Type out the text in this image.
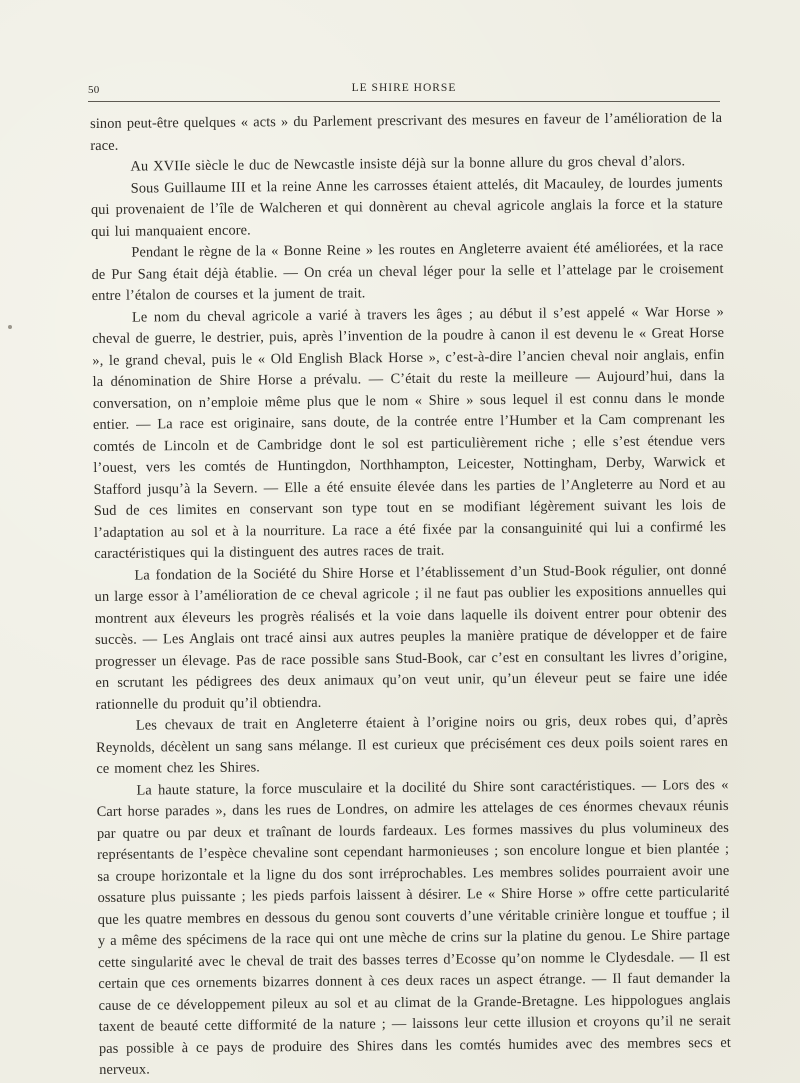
50	LE SHIRE HORSE

sinon peut-être quelques « acts » du Parlement prescrivant des mesures en faveur de l’amélioration de la race.

Au XVIIe siècle le duc de Newcastle insiste déjà sur la bonne allure du gros cheval d’alors.

Sous Guillaume III et la reine Anne les carrosses étaient attelés, dit Macauley, de lourdes juments qui provenaient de l’île de Walcheren et qui donnèrent au cheval agricole anglais la force et la stature qui lui manquaient encore.

Pendant le règne de la « Bonne Reine » les routes en Angleterre avaient été améliorées, et la race de Pur Sang était déjà établie. — On créa un cheval léger pour la selle et l’attelage par le croisement entre l’étalon de courses et la jument de trait.

Le nom du cheval agricole a varié à travers les âges ; au début il s’est appelé « War Horse » cheval de guerre, le destrier, puis, après l’invention de la poudre à canon il est devenu le « Great Horse », le grand cheval, puis le « Old English Black Horse », c’est-à-dire l’ancien cheval noir anglais, enfin la dénomination de Shire Horse a prévalu. — C’était du reste la meilleure — Aujourd’hui, dans la conversation, on n’emploie même plus que le nom « Shire » sous lequel il est connu dans le monde entier. — La race est originaire, sans doute, de la contrée entre l’Humber et la Cam comprenant les comtés de Lincoln et de Cambridge dont le sol est particulièrement riche ; elle s’est étendue vers l’ouest, vers les comtés de Huntingdon, Northhampton, Leicester, Nottingham, Derby, Warwick et Stafford jusqu’à la Severn. — Elle a été ensuite élevée dans les parties de l’Angleterre au Nord et au Sud de ces limites en conservant son type tout en se modifiant légèrement suivant les lois de l’adaptation au sol et à la nourriture. La race a été fixée par la consanguinité qui lui a confirmé les caractéristiques qui la distinguent des autres races de trait.

La fondation de la Société du Shire Horse et l’établissement d’un Stud-Book régulier, ont donné un large essor à l’amélioration de ce cheval agricole ; il ne faut pas oublier les expositions annuelles qui montrent aux éleveurs les progrès réalisés et la voie dans laquelle ils doivent entrer pour obtenir des succès. — Les Anglais ont tracé ainsi aux autres peuples la manière pratique de développer et de faire progresser un élevage. Pas de race possible sans Stud-Book, car c’est en consultant les livres d’origine, en scrutant les pédigrees des deux animaux qu’on veut unir, qu’un éleveur peut se faire une idée rationnelle du produit qu’il obtiendra.

Les chevaux de trait en Angleterre étaient à l’origine noirs ou gris, deux robes qui, d’après Reynolds, décèlent un sang sans mélange. Il est curieux que précisément ces deux poils soient rares en ce moment chez les Shires.

La haute stature, la force musculaire et la docilité du Shire sont caractéristiques. — Lors des « Cart horse parades », dans les rues de Londres, on admire les attelages de ces énormes chevaux réunis par quatre ou par deux et traînant de lourds fardeaux. Les formes massives du plus volumineux des représentants de l’espèce chevaline sont cependant harmonieuses ; son encolure longue et bien plantée ; sa croupe horizontale et la ligne du dos sont irréprochables. Les membres solides pourraient avoir une ossature plus puissante ; les pieds parfois laissent à désirer. Le « Shire Horse » offre cette particularité que les quatre membres en dessous du genou sont couverts d’une véritable crinière longue et touffue ; il y a même des spécimens de la race qui ont une mèche de crins sur la platine du genou. Le Shire partage cette singularité avec le cheval de trait des basses terres d’Ecosse qu’on nomme le Clydesdale. — Il est certain que ces ornements bizarres donnent à ces deux races un aspect étrange. — Il faut demander la cause de ce développement pileux au sol et au climat de la Grande-Bretagne. Les hippologues anglais taxent de beauté cette difformité de la nature ; — laissons leur cette illusion et croyons qu’il ne serait pas possible à ce pays de produire des Shires dans les comtés humides avec des membres secs et nerveux.
